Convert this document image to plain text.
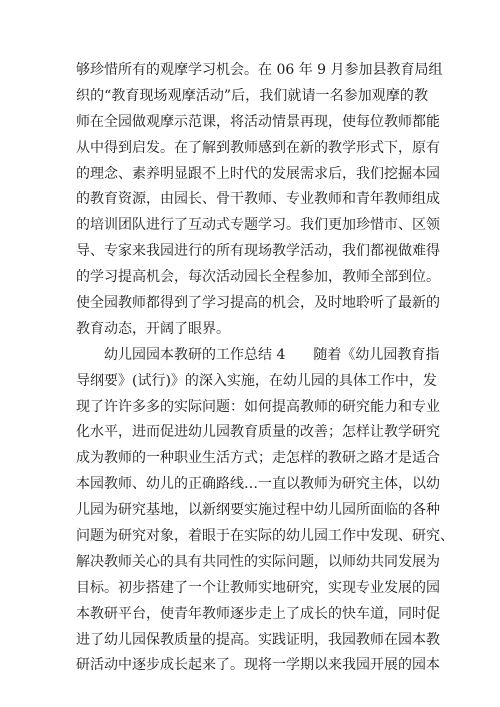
够珍惜所有的观摩学习机会。在 06 年 9 月参加县教育局组
织的“教育现场观摩活动”后，我们就请一名参加观摩的教
师在全园做观摩示范课，将活动情景再现，使每位教师都能
从中得到启发。在了解到教师感到在新的教学形式下，原有
的理念、素养明显跟不上时代的发展需求后，我们挖掘本园
的教育资源，由园长、骨干教师、专业教师和青年教师组成
的培训团队进行了互动式专题学习。我们更加珍惜市、区领
导、专家来我园进行的所有现场教学活动，我们都视做难得
的学习提高机会，每次活动园长全程参加，教师全部到位。
使全园教师都得到了学习提高的机会，及时地聆听了最新的
教育动态，开阔了眼界。
幼儿园园本教研的工作总结 4　　随着《幼儿园教育指
导纲要》(试行)》的深入实施，在幼儿园的具体工作中，发
现了许许多多的实际问题：如何提高教师的研究能力和专业
化水平，进而促进幼儿园教育质量的改善；怎样让教学研究
成为教师的一种职业生活方式；走怎样的教研之路才是适合
本园教师、幼儿的正确路线…一直以教师为研究主体，以幼
儿园为研究基地，以新纲要实施过程中幼儿园所面临的各种
问题为研究对象，着眼于在实际的幼儿园工作中发现、研究、
解决教师关心的具有共同性的实际问题，以师幼共同发展为
目标。初步搭建了一个让教师实地研究，实现专业发展的园
本教研平台，使青年教师逐步走上了成长的快车道，同时促
进了幼儿园保教质量的提高。实践证明，我园教师在园本教
研活动中逐步成长起来了。现将一学期以来我园开展的园本
